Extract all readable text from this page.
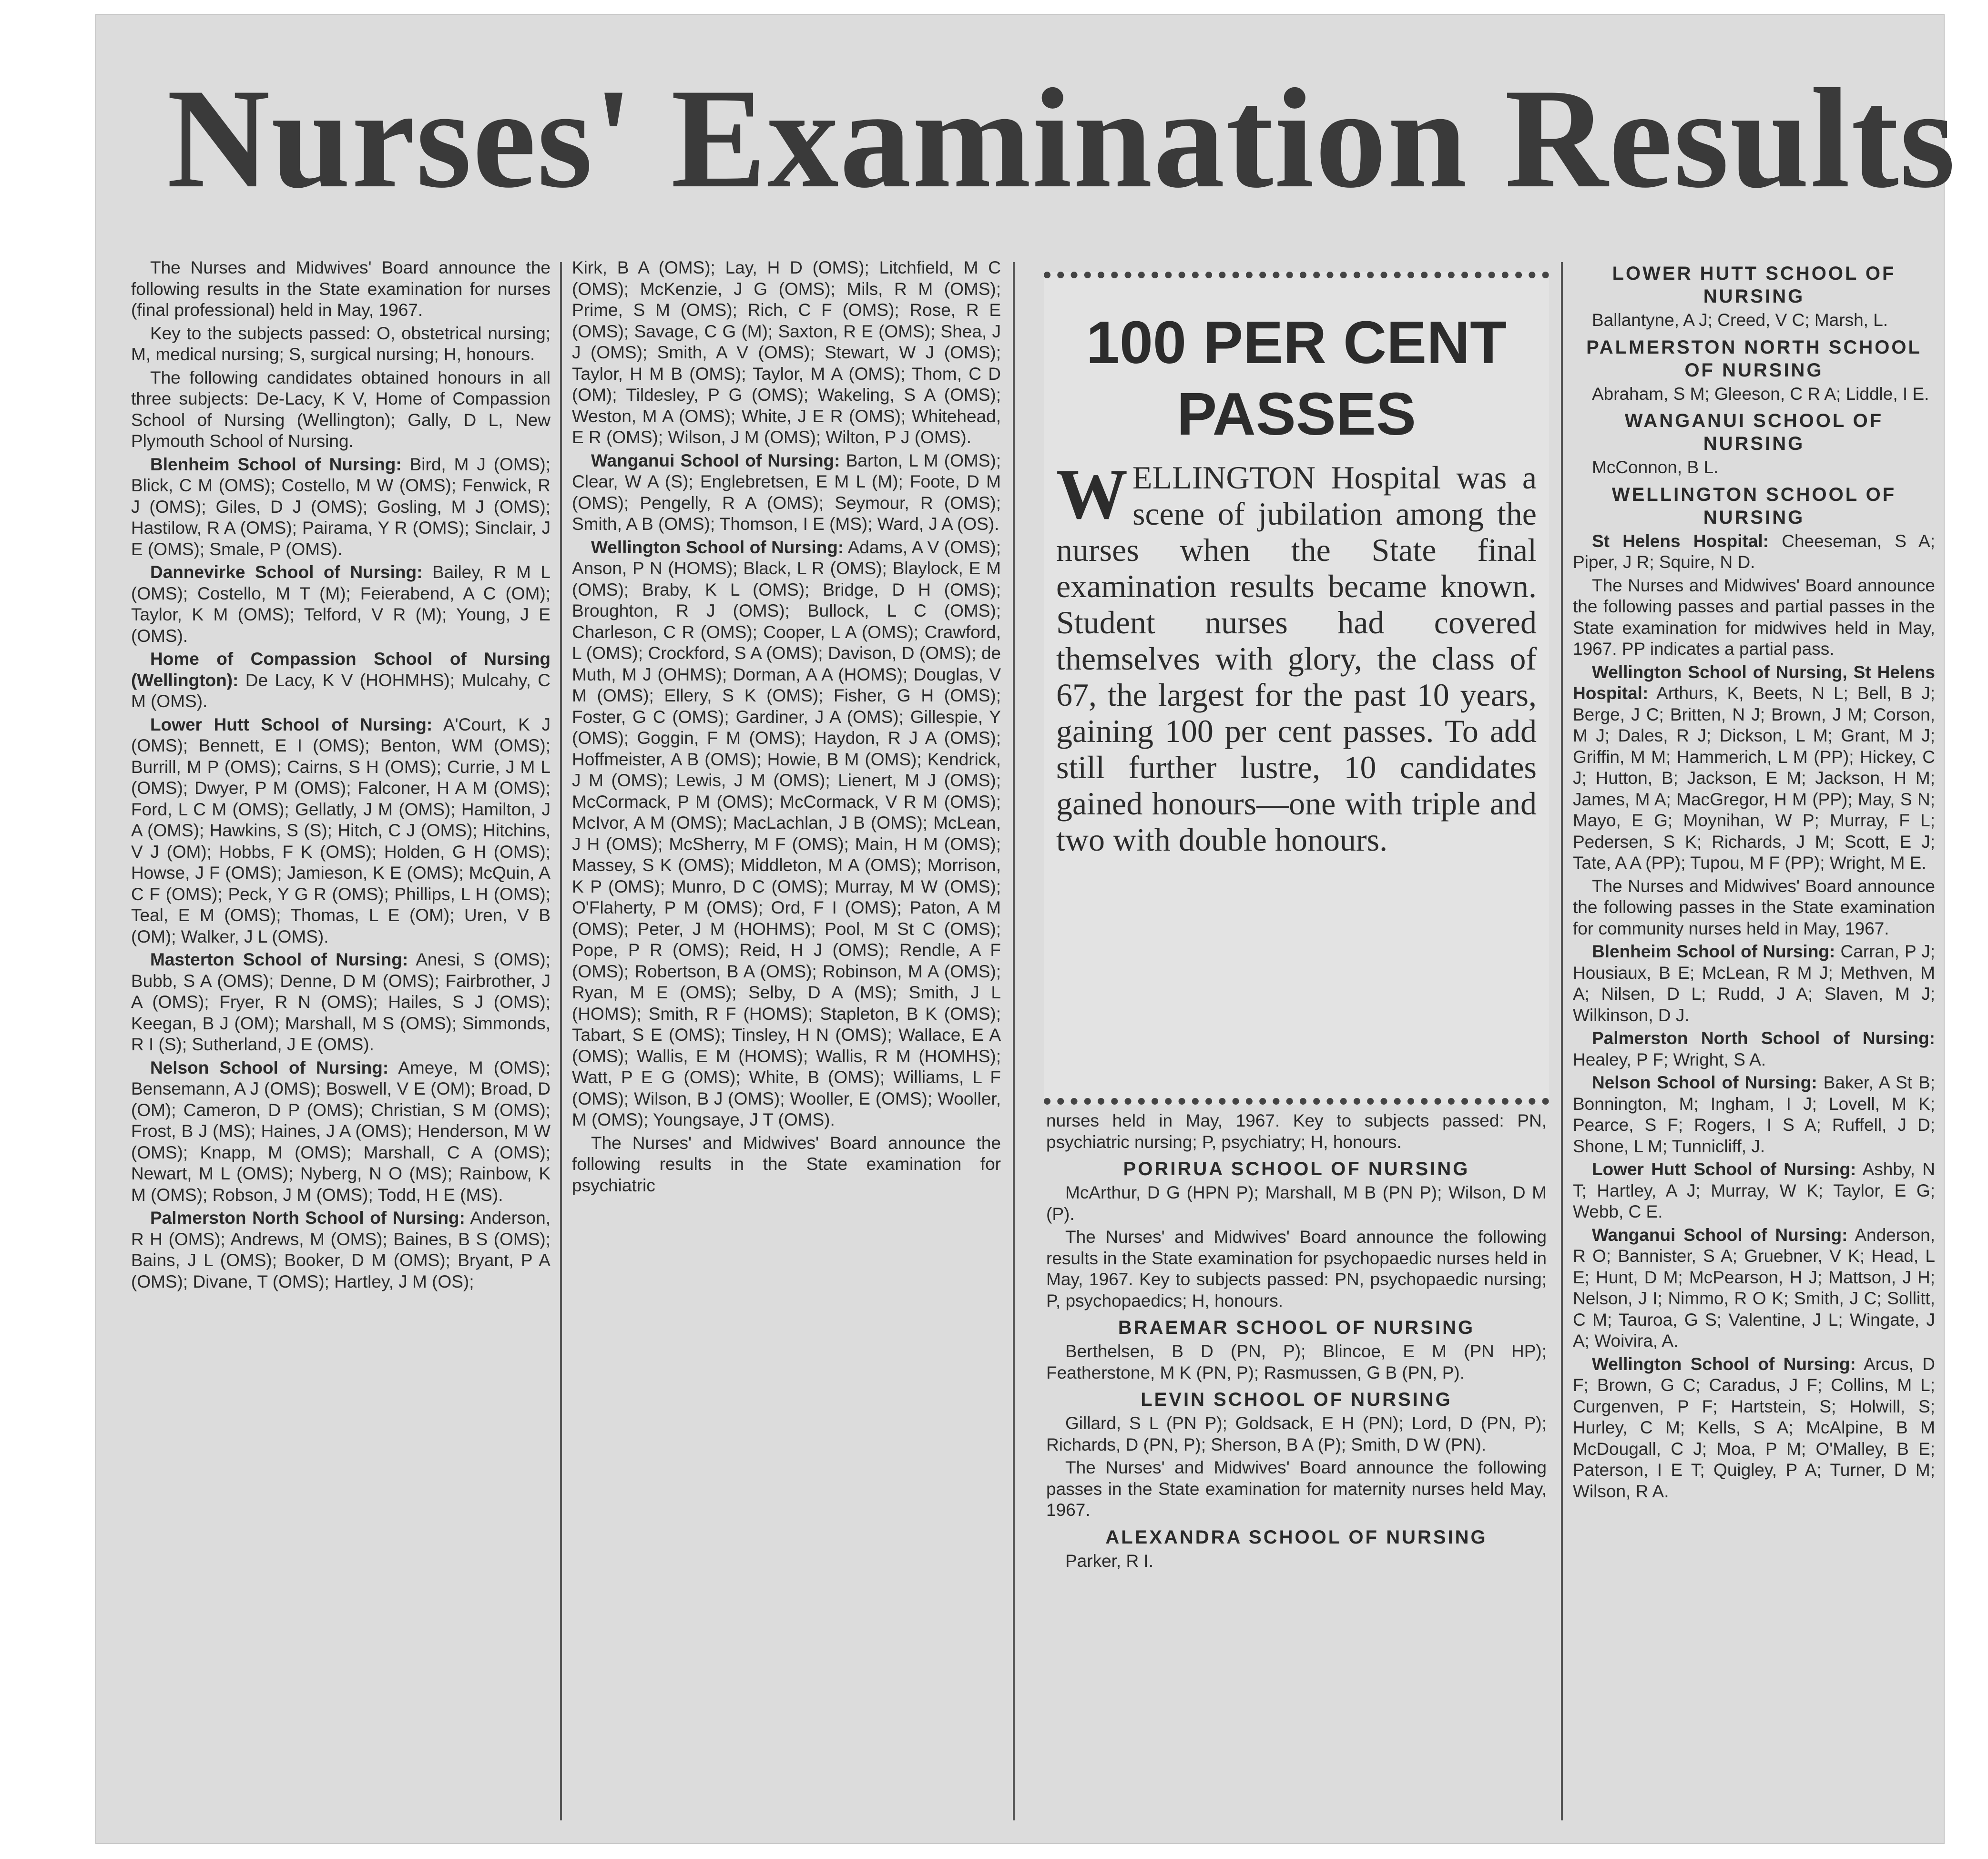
Nurses' Examination Results

The Nurses and Midwives' Board announce the following results in the State examination for nurses (final professional) held in May, 1967.

Key to the subjects passed: O, obstetrical nursing; M, medical nursing; S, surgical nursing; H, honours.

The following candidates obtained honours in all three subjects: De-Lacy, K V, Home of Compassion School of Nursing (Wellington); Gally, D L, New Plymouth School of Nursing.

Blenheim School of Nursing: Bird, M J (OMS); Blick, C M (OMS); Costello, M W (OMS); Fenwick, R J (OMS); Giles, D J (OMS); Gosling, M J (OMS); Hastilow, R A (OMS); Pairama, Y R (OMS); Sinclair, J E (OMS); Smale, P (OMS).

Dannevirke School of Nursing: Bailey, R M L (OMS); Costello, M T (M); Feierabend, A C (OM); Taylor, K M (OMS); Telford, V R (M); Young, J E (OMS).

Home of Compassion School of Nursing (Wellington): De Lacy, K V (HOHMHS); Mulcahy, C M (OMS).

Lower Hutt School of Nursing: A'Court, K J (OMS); Bennett, E I (OMS); Benton, WM (OMS); Burrill, M P (OMS); Cairns, S H (OMS); Currie, J M L (OMS); Dwyer, P M (OMS); Falconer, H A M (OMS); Ford, L C M (OMS); Gellatly, J M (OMS); Hamilton, J A (OMS); Hawkins, S (S); Hitch, C J (OMS); Hitchins, V J (OM); Hobbs, F K (OMS); Holden, G H (OMS); Howse, J F (OMS); Jamieson, K E (OMS); McQuin, A C F (OMS); Peck, Y G R (OMS); Phillips, L H (OMS); Teal, E M (OMS); Thomas, L E (OM); Uren, V B (OM); Walker, J L (OMS).

Masterton School of Nursing: Anesi, S (OMS); Bubb, S A (OMS); Denne, D M (OMS); Fairbrother, J A (OMS); Fryer, R N (OMS); Hailes, S J (OMS); Keegan, B J (OM); Marshall, M S (OMS); Simmonds, R I (S); Sutherland, J E (OMS).

Nelson School of Nursing: Ameye, M (OMS); Bensemann, A J (OMS); Boswell, V E (OM); Broad, D (OM); Cameron, D P (OMS); Christian, S M (OMS); Frost, B J (MS); Haines, J A (OMS); Henderson, M W (OMS); Knapp, M (OMS); Marshall, C A (OMS); Newart, M L (OMS); Nyberg, N O (MS); Rainbow, K M (OMS); Robson, J M (OMS); Todd, H E (MS).

Palmerston North School of Nursing: Anderson, R H (OMS); Andrews, M (OMS); Baines, B S (OMS); Bains, J L (OMS); Booker, D M (OMS); Bryant, P A (OMS); Divane, T (OMS); Hartley, J M (OS);

Kirk, B A (OMS); Lay, H D (OMS); Litchfield, M C (OMS); McKenzie, J G (OMS); Mils, R M (OMS); Prime, S M (OMS); Rich, C F (OMS); Rose, R E (OMS); Savage, C G (M); Saxton, R E (OMS); Shea, J J (OMS); Smith, A V (OMS); Stewart, W J (OMS); Taylor, H M B (OMS); Taylor, M A (OMS); Thom, C D (OM); Tildesley, P G (OMS); Wakeling, S A (OMS); Weston, M A (OMS); White, J E R (OMS); Whitehead, E R (OMS); Wilson, J M (OMS); Wilton, P J (OMS).

Wanganui School of Nursing: Barton, L M (OMS); Clear, W A (S); Englebretsen, E M L (M); Foote, D M (OMS); Pengelly, R A (OMS); Seymour, R (OMS); Smith, A B (OMS); Thomson, I E (MS); Ward, J A (OS).

Wellington School of Nursing: Adams, A V (OMS); Anson, P N (HOMS); Black, L R (OMS); Blaylock, E M (OMS); Braby, K L (OMS); Bridge, D H (OMS); Broughton, R J (OMS); Bullock, L C (OMS); Charleson, C R (OMS); Cooper, L A (OMS); Crawford, L (OMS); Crockford, S A (OMS); Davison, D (OMS); de Muth, M J (OHMS); Dorman, A A (HOMS); Douglas, V M (OMS); Ellery, S K (OMS); Fisher, G H (OMS); Foster, G C (OMS); Gardiner, J A (OMS); Gillespie, Y (OMS); Goggin, F M (OMS); Haydon, R J A (OMS); Hoffmeister, A B (OMS); Howie, B M (OMS); Kendrick, J M (OMS); Lewis, J M (OMS); Lienert, M J (OMS); McCormack, P M (OMS); McCormack, V R M (OMS); McIvor, A M (OMS); MacLachlan, J B (OMS); McLean, J H (OMS); McSherry, M F (OMS); Main, H M (OMS); Massey, S K (OMS); Middleton, M A (OMS); Morrison, K P (OMS); Munro, D C (OMS); Murray, M W (OMS); O'Flaherty, P M (OMS); Ord, F I (OMS); Paton, A M (OMS); Peter, J M (HOHMS); Pool, M St C (OMS); Pope, P R (OMS); Reid, H J (OMS); Rendle, A F (OMS); Robertson, B A (OMS); Robinson, M A (OMS); Ryan, M E (OMS); Selby, D A (MS); Smith, J L (HOMS); Smith, R F (HOMS); Stapleton, B K (OMS); Tabart, S E (OMS); Tinsley, H N (OMS); Wallace, E A (OMS); Wallis, E M (HOMS); Wallis, R M (HOMHS); Watt, P E G (OMS); White, B (OMS); Williams, L F (OMS); Wilson, B J (OMS); Wooller, E (OMS); Wooller, M (OMS); Youngsaye, J T (OMS).

The Nurses' and Midwives' Board announce the following results in the State examination for psychiatric

100 PER CENT PASSES
WELLINGTON Hospital was a scene of jubilation among the nurses when the State final examination results became known. Student nurses had covered themselves with glory, the class of 67, the largest for the past 10 years, gaining 100 per cent passes. To add still further lustre, 10 candidates gained honours—one with triple and two with double honours.

nurses held in May, 1967. Key to subjects passed: PN, psychiatric nursing; P, psychiatry; H, honours.

PORIRUA SCHOOL OF NURSING

McArthur, D G (HPN P); Marshall, M B (PN P); Wilson, D M (P).

The Nurses' and Midwives' Board announce the following results in the State examination for psychopaedic nurses held in May, 1967. Key to subjects passed: PN, psychopaedic nursing; P, psychopaedics; H, honours.

BRAEMAR SCHOOL OF NURSING

Berthelsen, B D (PN, P); Blincoe, E M (PN HP); Featherstone, M K (PN, P); Rasmussen, G B (PN, P).

LEVIN SCHOOL OF NURSING

Gillard, S L (PN P); Goldsack, E H (PN); Lord, D (PN, P); Richards, D (PN, P); Sherson, B A (P); Smith, D W (PN).

The Nurses' and Midwives' Board announce the following passes in the State examination for maternity nurses held May, 1967.

ALEXANDRA SCHOOL OF NURSING

Parker, R I.

LOWER HUTT SCHOOL OF NURSING

Ballantyne, A J; Creed, V C; Marsh, L.

PALMERSTON NORTH SCHOOL OF NURSING

Abraham, S M; Gleeson, C R A; Liddle, I E.

WANGANUI SCHOOL OF NURSING

McConnon, B L.

WELLINGTON SCHOOL OF NURSING

St Helens Hospital: Cheeseman, S A; Piper, J R; Squire, N D.

The Nurses and Midwives' Board announce the following passes and partial passes in the State examination for midwives held in May, 1967. PP indicates a partial pass.

Wellington School of Nursing, St Helens Hospital: Arthurs, K, Beets, N L; Bell, B J; Berge, J C; Britten, N J; Brown, J M; Corson, M J; Dales, R J; Dickson, L M; Grant, M J; Griffin, M M; Hammerich, L M (PP); Hickey, C J; Hutton, B; Jackson, E M; Jackson, H M; James, M A; MacGregor, H M (PP); May, S N; Mayo, E G; Moynihan, W P; Murray, F L; Pedersen, S K; Richards, J M; Scott, E J; Tate, A A (PP); Tupou, M F (PP); Wright, M E.

The Nurses and Midwives' Board announce the following passes in the State examination for community nurses held in May, 1967.

Blenheim School of Nursing: Carran, P J; Housiaux, B E; McLean, R M J; Methven, M A; Nilsen, D L; Rudd, J A; Slaven, M J; Wilkinson, D J.

Palmerston North School of Nursing: Healey, P F; Wright, S A.

Nelson School of Nursing: Baker, A St B; Bonnington, M; Ingham, I J; Lovell, M K; Pearce, S F; Rogers, I S A; Ruffell, J D; Shone, L M; Tunnicliff, J.

Lower Hutt School of Nursing: Ashby, N T; Hartley, A J; Murray, W K; Taylor, E G; Webb, C E.

Wanganui School of Nursing: Anderson, R O; Bannister, S A; Gruebner, V K; Head, L E; Hunt, D M; McPearson, H J; Mattson, J H; Nelson, J I; Nimmo, R O K; Smith, J C; Sollitt, C M; Tauroa, G S; Valentine, J L; Wingate, J A; Woivira, A.

Wellington School of Nursing: Arcus, D F; Brown, G C; Caradus, J F; Collins, M L; Curgenven, P F; Hartstein, S; Holwill, S; Hurley, C M; Kells, S A; McAlpine, B M McDougall, C J; Moa, P M; O'Malley, B E; Paterson, I E T; Quigley, P A; Turner, D M; Wilson, R A.
